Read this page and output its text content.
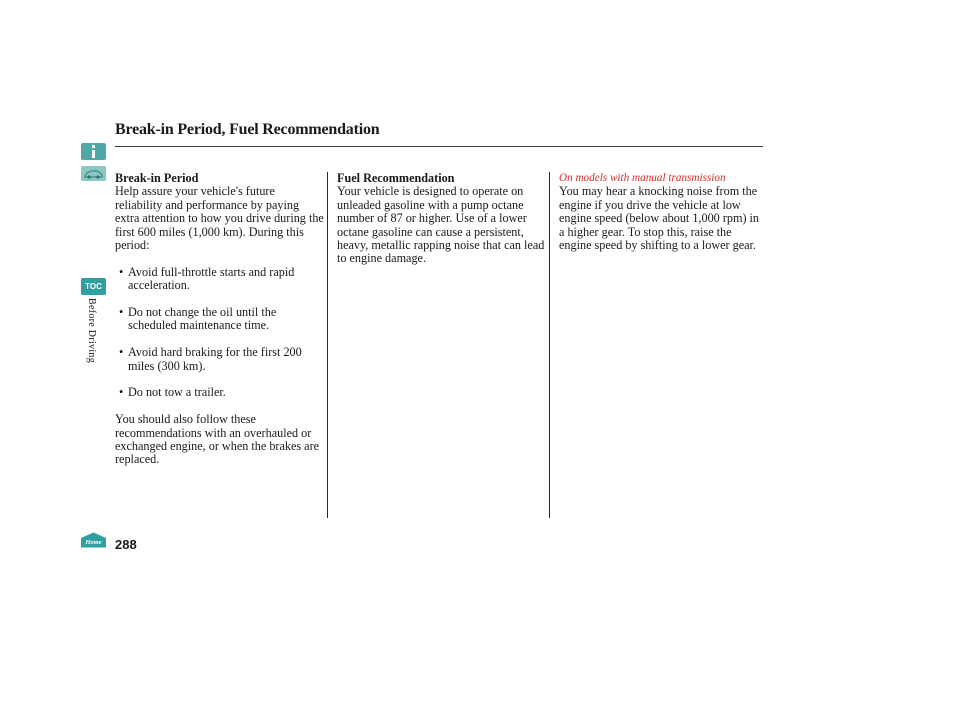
Break-in Period, Fuel Recommendation
TOC
Before Driving
Home 288

Break-in Period

Help assure your vehicle's future reliability and performance by paying extra attention to how you drive during the first 600 miles (1,000 km). During this period:

• Avoid full-throttle starts and rapid acceleration.
• Do not change the oil until the scheduled maintenance time.
• Avoid hard braking for the first 200 miles (300 km).
• Do not tow a trailer.

You should also follow these recommendations with an overhauled or exchanged engine, or when the brakes are replaced.

Fuel Recommendation

Your vehicle is designed to operate on unleaded gasoline with a pump octane number of 87 or higher. Use of a lower octane gasoline can cause a persistent, heavy, metallic rapping noise that can lead to engine damage.

On models with manual transmission

You may hear a knocking noise from the engine if you drive the vehicle at low engine speed (below about 1,000 rpm) in a higher gear. To stop this, raise the engine speed by shifting to a lower gear.
